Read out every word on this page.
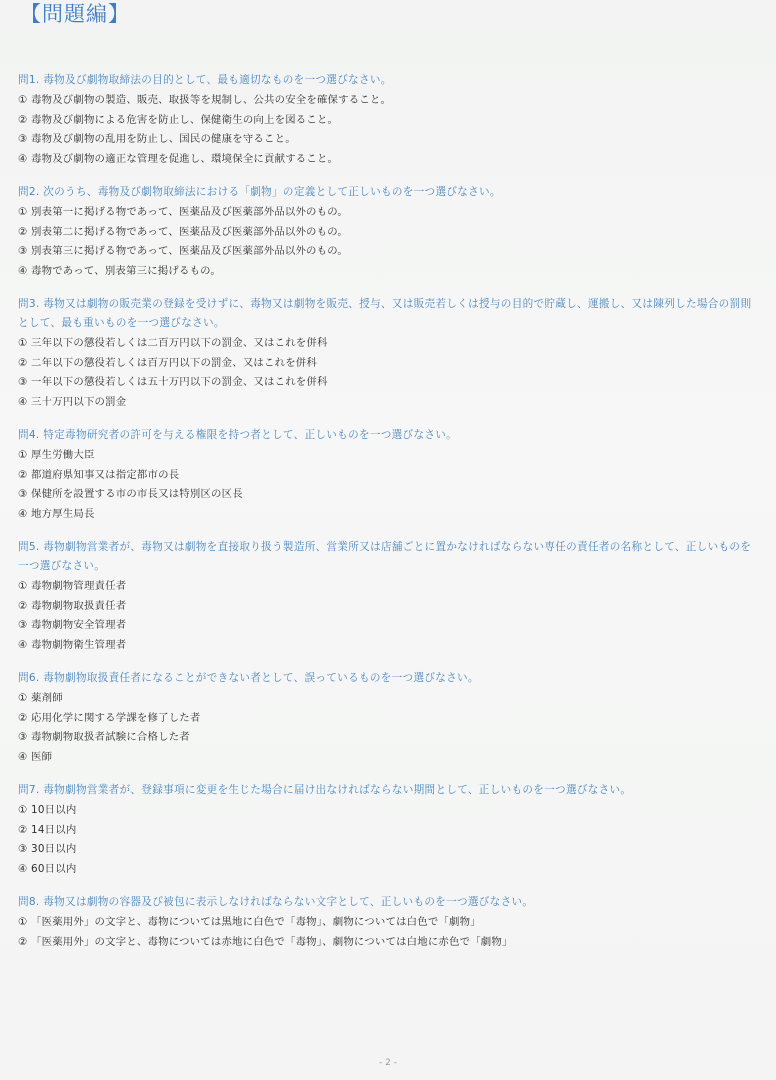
【問題編】
問1. 毒物及び劇物取締法の目的として、最も適切なものを一つ選びなさい。
① 毒物及び劇物の製造、販売、取扱等を規制し、公共の安全を確保すること。
② 毒物及び劇物による危害を防止し、保健衛生の向上を図ること。
③ 毒物及び劇物の乱用を防止し、国民の健康を守ること。
④ 毒物及び劇物の適正な管理を促進し、環境保全に貢献すること。
問2. 次のうち、毒物及び劇物取締法における「劇物」の定義として正しいものを一つ選びなさい。
① 別表第一に掲げる物であって、医薬品及び医薬部外品以外のもの。
② 別表第二に掲げる物であって、医薬品及び医薬部外品以外のもの。
③ 別表第三に掲げる物であって、医薬品及び医薬部外品以外のもの。
④ 毒物であって、別表第三に掲げるもの。
問3. 毒物又は劇物の販売業の登録を受けずに、毒物又は劇物を販売、授与、又は販売若しくは授与の目的で貯蔵し、運搬し、又は陳列した場合の罰則として、最も重いものを一つ選びなさい。
① 三年以下の懲役若しくは二百万円以下の罰金、又はこれを併科
② 二年以下の懲役若しくは百万円以下の罰金、又はこれを併科
③ 一年以下の懲役若しくは五十万円以下の罰金、又はこれを併科
④ 三十万円以下の罰金
問4. 特定毒物研究者の許可を与える権限を持つ者として、正しいものを一つ選びなさい。
① 厚生労働大臣
② 都道府県知事又は指定都市の長
③ 保健所を設置する市の市長又は特別区の区長
④ 地方厚生局長
問5. 毒物劇物営業者が、毒物又は劇物を直接取り扱う製造所、営業所又は店舗ごとに置かなければならない専任の責任者の名称として、正しいものを一つ選びなさい。
① 毒物劇物管理責任者
② 毒物劇物取扱責任者
③ 毒物劇物安全管理者
④ 毒物劇物衛生管理者
問6. 毒物劇物取扱責任者になることができない者として、誤っているものを一つ選びなさい。
① 薬剤師
② 応用化学に関する学課を修了した者
③ 毒物劇物取扱者試験に合格した者
④ 医師
問7. 毒物劇物営業者が、登録事項に変更を生じた場合に届け出なければならない期間として、正しいものを一つ選びなさい。
① 10日以内
② 14日以内
③ 30日以内
④ 60日以内
問8. 毒物又は劇物の容器及び被包に表示しなければならない文字として、正しいものを一つ選びなさい。
① 「医薬用外」の文字と、毒物については黒地に白色で「毒物」、劇物については白色で「劇物」
② 「医薬用外」の文字と、毒物については赤地に白色で「毒物」、劇物については白地に赤色で「劇物」
- 2 -
